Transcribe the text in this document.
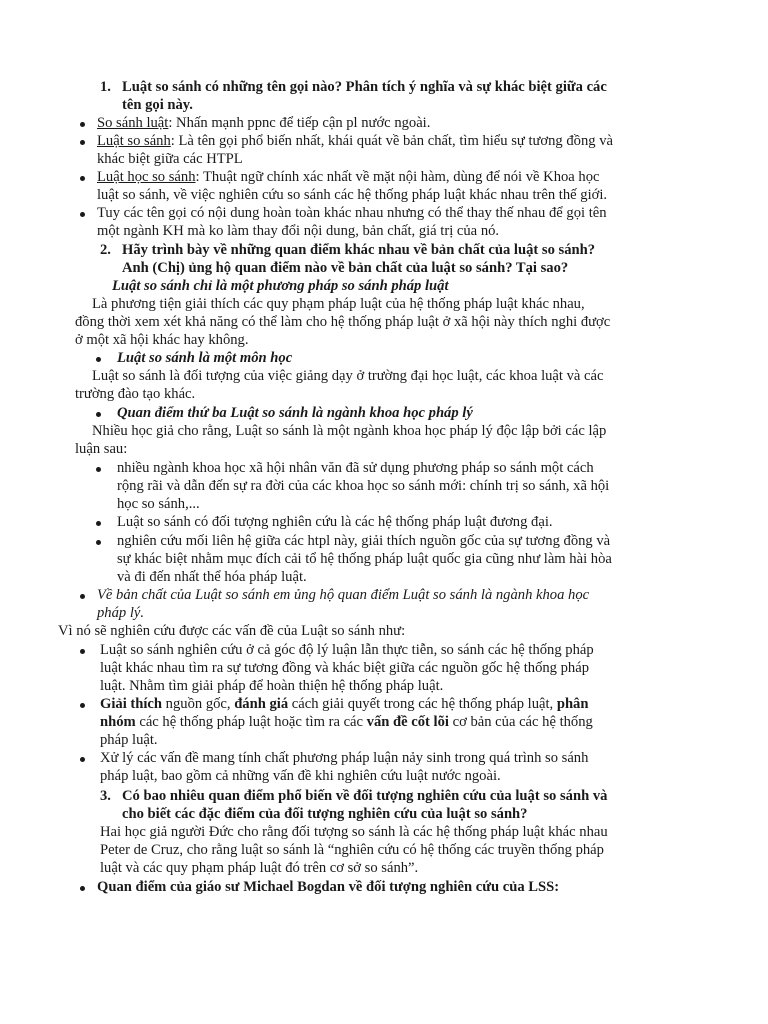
1. Luật so sánh có những tên gọi nào? Phân tích ý nghĩa và sự khác biệt giữa các
tên gọi này.
So sánh luật: Nhấn mạnh ppnc để tiếp cận pl nước ngoài.
Luật so sánh: Là tên gọi phổ biến nhất, khái quát về bản chất, tìm hiểu sự tương đồng và
khác biệt giữa các HTPL
Luật học so sánh: Thuật ngữ chính xác nhất về mặt nội hàm, dùng để nói về Khoa học
luật so sánh, về việc nghiên cứu so sánh các hệ thống pháp luật khác nhau trên thế giới.
Tuy các tên gọi có nội dung hoàn toàn khác nhau nhưng có thể thay thế nhau để gọi tên
một ngành KH mà ko làm thay đổi nội dung, bản chất, giá trị của nó.
2. Hãy trình bày về những quan điểm khác nhau về bản chất của luật so sánh?
Anh (Chị) ủng hộ quan điểm nào về bản chất của luật so sánh? Tại sao?
Luật so sánh chỉ là một phương pháp so sánh pháp luật
Là phương tiện giải thích các quy phạm pháp luật của hệ thống pháp luật khác nhau,
đồng thời xem xét khả năng có thể làm cho hệ thống pháp luật ở xã hội này thích nghi được
ở một xã hội khác hay không.
Luật so sánh là một môn học
Luật so sánh là đối tượng của việc giảng dạy ở trường đại học luật, các khoa luật và các
trường đào tạo khác.
Quan điểm thứ ba Luật so sánh là ngành khoa học pháp lý
Nhiều học giả cho rằng, Luật so sánh là một ngành khoa học pháp lý độc lập bởi các lập
luận sau:
nhiều ngành khoa học xã hội nhân văn đã sử dụng phương pháp so sánh một cách
rộng rãi và dẫn đến sự ra đời của các khoa học so sánh mới: chính trị so sánh, xã hội
học so sánh,...
Luật so sánh có đối tượng nghiên cứu là các hệ thống pháp luật đương đại.
nghiên cứu mối liên hệ giữa các htpl này, giải thích nguồn gốc của sự tương đồng và
sự khác biệt nhằm mục đích cải tổ hệ thống pháp luật quốc gia cũng như làm hài hòa
và đi đến nhất thể hóa pháp luật.
Về bản chất của Luật so sánh em ủng hộ quan điểm Luật so sánh là ngành khoa học
pháp lý.
Vì nó sẽ nghiên cứu được các vấn đề của Luật so sánh như:
Luật so sánh nghiên cứu ở cả góc độ lý luận lẫn thực tiễn, so sánh các hệ thống pháp
luật khác nhau tìm ra sự tương đồng và khác biệt giữa các nguồn gốc hệ thống pháp
luật. Nhằm tìm giải pháp để hoàn thiện hệ thống pháp luật.
Giải thích nguồn gốc, đánh giá cách giải quyết trong các hệ thống pháp luật, phân
nhóm các hệ thống pháp luật hoặc tìm ra các vấn đề cốt lõi cơ bản của các hệ thống
pháp luật.
Xử lý các vấn đề mang tính chất phương pháp luận nảy sinh trong quá trình so sánh
pháp luật, bao gồm cả những vấn đề khi nghiên cứu luật nước ngoài.
3. Có bao nhiêu quan điểm phổ biến về đối tượng nghiên cứu của luật so sánh và
cho biết các đặc điểm của đối tượng nghiên cứu của luật so sánh?
Hai học giả người Đức cho rằng đối tượng so sánh là các hệ thống pháp luật khác nhau
Peter de Cruz, cho rằng luật so sánh là “nghiên cứu có hệ thống các truyền thống pháp
luật và các quy phạm pháp luật đó trên cơ sở so sánh”.
Quan điểm của giáo sư Michael Bogdan về đối tượng nghiên cứu của LSS:
